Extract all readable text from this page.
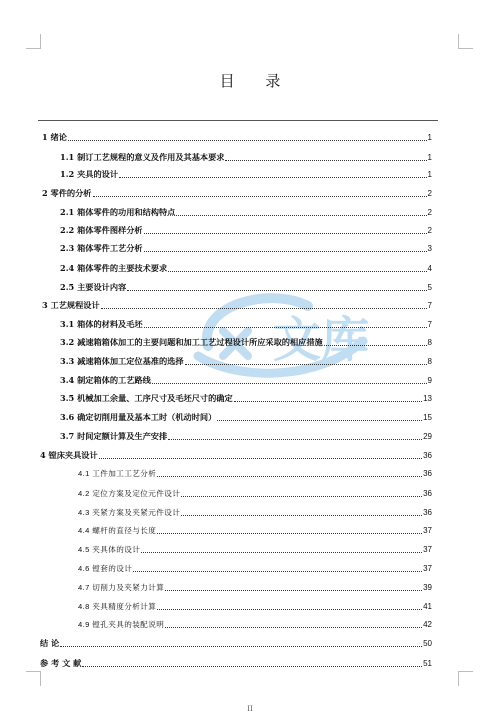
目 录
文库
1 绪论	1
1.1 制订工艺规程的意义及作用及其基本要求	1
1.2 夹具的设计	1
2 零件的分析	2
2.1 箱体零件的功用和结构特点	2
2.2 箱体零件图样分析	2
2.3 箱体零件工艺分析	3
2.4 箱体零件的主要技术要求	4
2.5 主要设计内容	5
3 工艺规程设计	7
3.1 箱体的材料及毛坯	7
3.2 减速箱箱体加工的主要问题和加工工艺过程设计所应采取的相应措施	8
3.3 减速箱体加工定位基准的选择	8
3.4 制定箱体的工艺路线	9
3.5 机械加工余量、工序尺寸及毛坯尺寸的确定	13
3.6 确定切削用量及基本工时（机动时间）	15
3.7 时间定额计算及生产安排	29
4 镗床夹具设计	36
4.1 工件加工工艺分析	36
4.2 定位方案及定位元件设计	36
4.3 夹紧方案及夹紧元件设计	36
4.4 螺杆的直径与长度	37
4.5 夹具体的设计	37
4.6 镗套的设计	37
4.7 切削力及夹紧力计算	39
4.8 夹具精度分析计算	41
4.9 镗孔夹具的装配说明	42
结 论	50
参 考 文 献	51
II
